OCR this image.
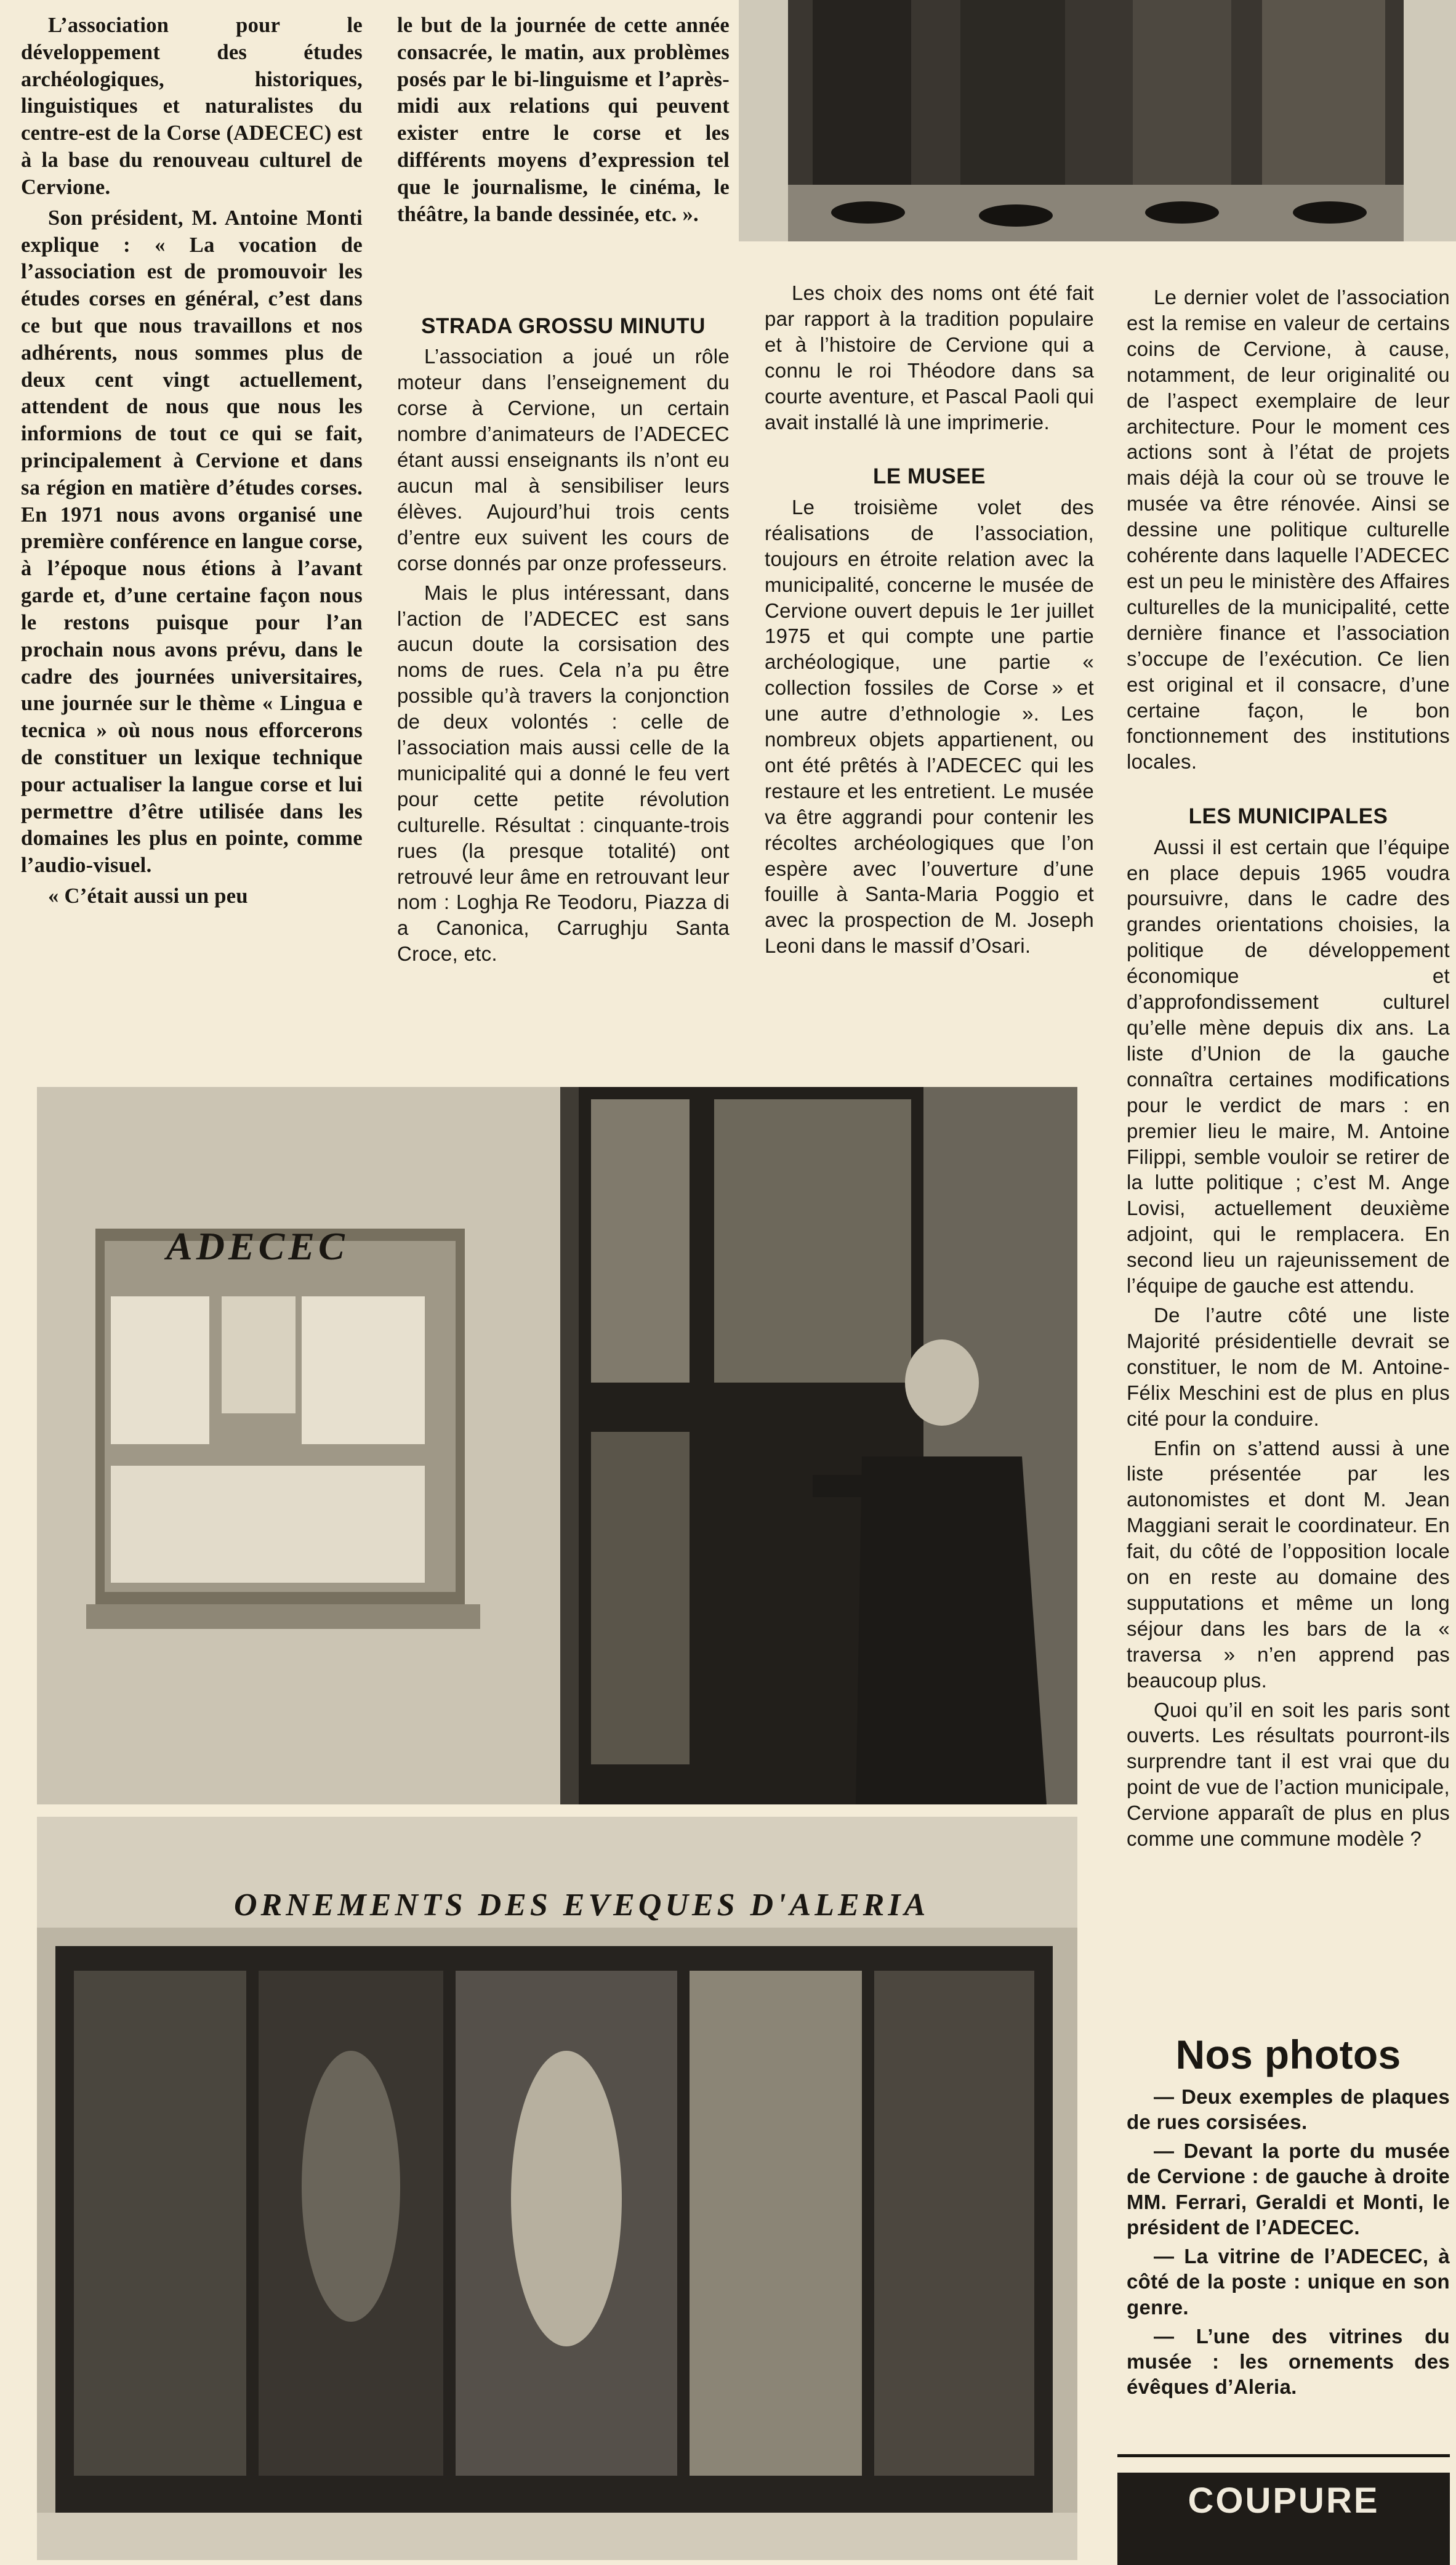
L’association pour le développement des études archéologiques, historiques, linguistiques et naturalistes du centre-est de la Corse (ADECEC) est à la base du renouveau culturel de Cervione.

Son président, M. Antoine Monti explique : « La vocation de l’association est de promouvoir les études corses en général, c’est dans ce but que nous travaillons et nos adhérents, nous sommes plus de deux cent vingt actuellement, attendent de nous que nous les informions de tout ce qui se fait, principalement à Cervione et dans sa région en matière d’études corses. En 1971 nous avons organisé une première conférence en langue corse, à l’époque nous étions à l’avant garde et, d’une certaine façon nous le restons puisque pour l’an prochain nous avons prévu, dans le cadre des journées universitaires, une journée sur le thème « Lingua e tecnica » où nous nous efforcerons de constituer un lexique technique pour actualiser la langue corse et lui permettre d’être utilisée dans les domaines les plus en pointe, comme l’audio-visuel.

« C’était aussi un peu

le but de la journée de cette année consacrée, le matin, aux problèmes posés par le bi-linguisme et l’après-midi aux relations qui peuvent exister entre le corse et les différents moyens d’expression tel que le journalisme, le cinéma, le théâtre, la bande dessinée, etc. ».

STRADA GROSSU MINUTU

L’association a joué un rôle moteur dans l’enseignement du corse à Cervione, un certain nombre d’animateurs de l’ADECEC étant aussi enseignants ils n’ont eu aucun mal à sensibiliser leurs élèves. Aujourd’hui trois cents d’entre eux suivent les cours de corse donnés par onze professeurs.

Mais le plus intéressant, dans l’action de l’ADECEC est sans aucun doute la corsisation des noms de rues. Cela n’a pu être possible qu’à travers la conjonction de deux volontés : celle de l’association mais aussi celle de la municipalité qui a donné le feu vert pour cette petite révolution culturelle. Résultat : cinquante-trois rues (la presque totalité) ont retrouvé leur âme en retrouvant leur nom : Loghja Re Teodoru, Piazza di a Canonica, Carrughju Santa Croce, etc.

Les choix des noms ont été fait par rapport à la tradition populaire et à l’histoire de Cervione qui a connu le roi Théodore dans sa courte aventure, et Pascal Paoli qui avait installé là une imprimerie.

LE MUSEE

Le troisième volet des réalisations de l’association, toujours en étroite relation avec la municipalité, concerne le musée de Cervione ouvert depuis le 1er juillet 1975 et qui compte une partie archéologique, une partie « collection fossiles de Corse » et une autre d’ethnologie ». Les nombreux objets appartienent, ou ont été prêtés à l’ADECEC qui les restaure et les entretient. Le musée va être aggrandi pour contenir les récoltes archéologiques que l’on espère avec l’ouverture d’une fouille à Santa-Maria Poggio et avec la prospection de M. Joseph Leoni dans le massif d’Osari.

Le dernier volet de l’association est la remise en valeur de certains coins de Cervione, à cause, notamment, de leur originalité ou de l’aspect exemplaire de leur architecture. Pour le moment ces actions sont à l’état de projets mais déjà la cour où se trouve le musée va être rénovée. Ainsi se dessine une politique culturelle cohérente dans laquelle l’ADECEC est un peu le ministère des Affaires culturelles de la municipalité, cette dernière finance et l’association s’occupe de l’exécution. Ce lien est original et il consacre, d’une certaine façon, le bon fonctionnement des institutions locales.

LES MUNICIPALES

Aussi il est certain que l’équipe en place depuis 1965 voudra poursuivre, dans le cadre des grandes orientations choisies, la politique de développement économique et d’approfondissement culturel qu’elle mène depuis dix ans. La liste d’Union de la gauche connaîtra certaines modifications pour le verdict de mars : en premier lieu le maire, M. Antoine Filippi, semble vouloir se retirer de la lutte politique ; c’est M. Ange Lovisi, actuellement deuxième adjoint, qui le remplacera. En second lieu un rajeunissement de l’équipe de gauche est attendu.

De l’autre côté une liste Majorité présidentielle devrait se constituer, le nom de M. Antoine-Félix Meschini est de plus en plus cité pour la conduire.

Enfin on s’attend aussi à une liste présentée par les autonomistes et dont M. Jean Maggiani serait le coordinateur. En fait, du côté de l’opposition locale on en reste au domaine des supputations et même un long séjour dans les bars de la « traversa » n’en apprend pas beaucoup plus.

Quoi qu’il en soit les paris sont ouverts. Les résultats pourront-ils surprendre tant il est vrai que du point de vue de l’action municipale, Cervione apparaît de plus en plus comme une commune modèle ?

Nos photos

— Deux exemples de plaques de rues corsisées.

— Devant la porte du musée de Cervione : de gauche à droite MM. Ferrari, Geraldi et Monti, le président de l’ADECEC.

— La vitrine de l’ADECEC, à côté de la poste : unique en son genre.

— L’une des vitrines du musée : les ornements des évêques d’Aleria.

COUPURE
ADECEC
ORNEMENTS DES EVEQUES D'ALERIA
